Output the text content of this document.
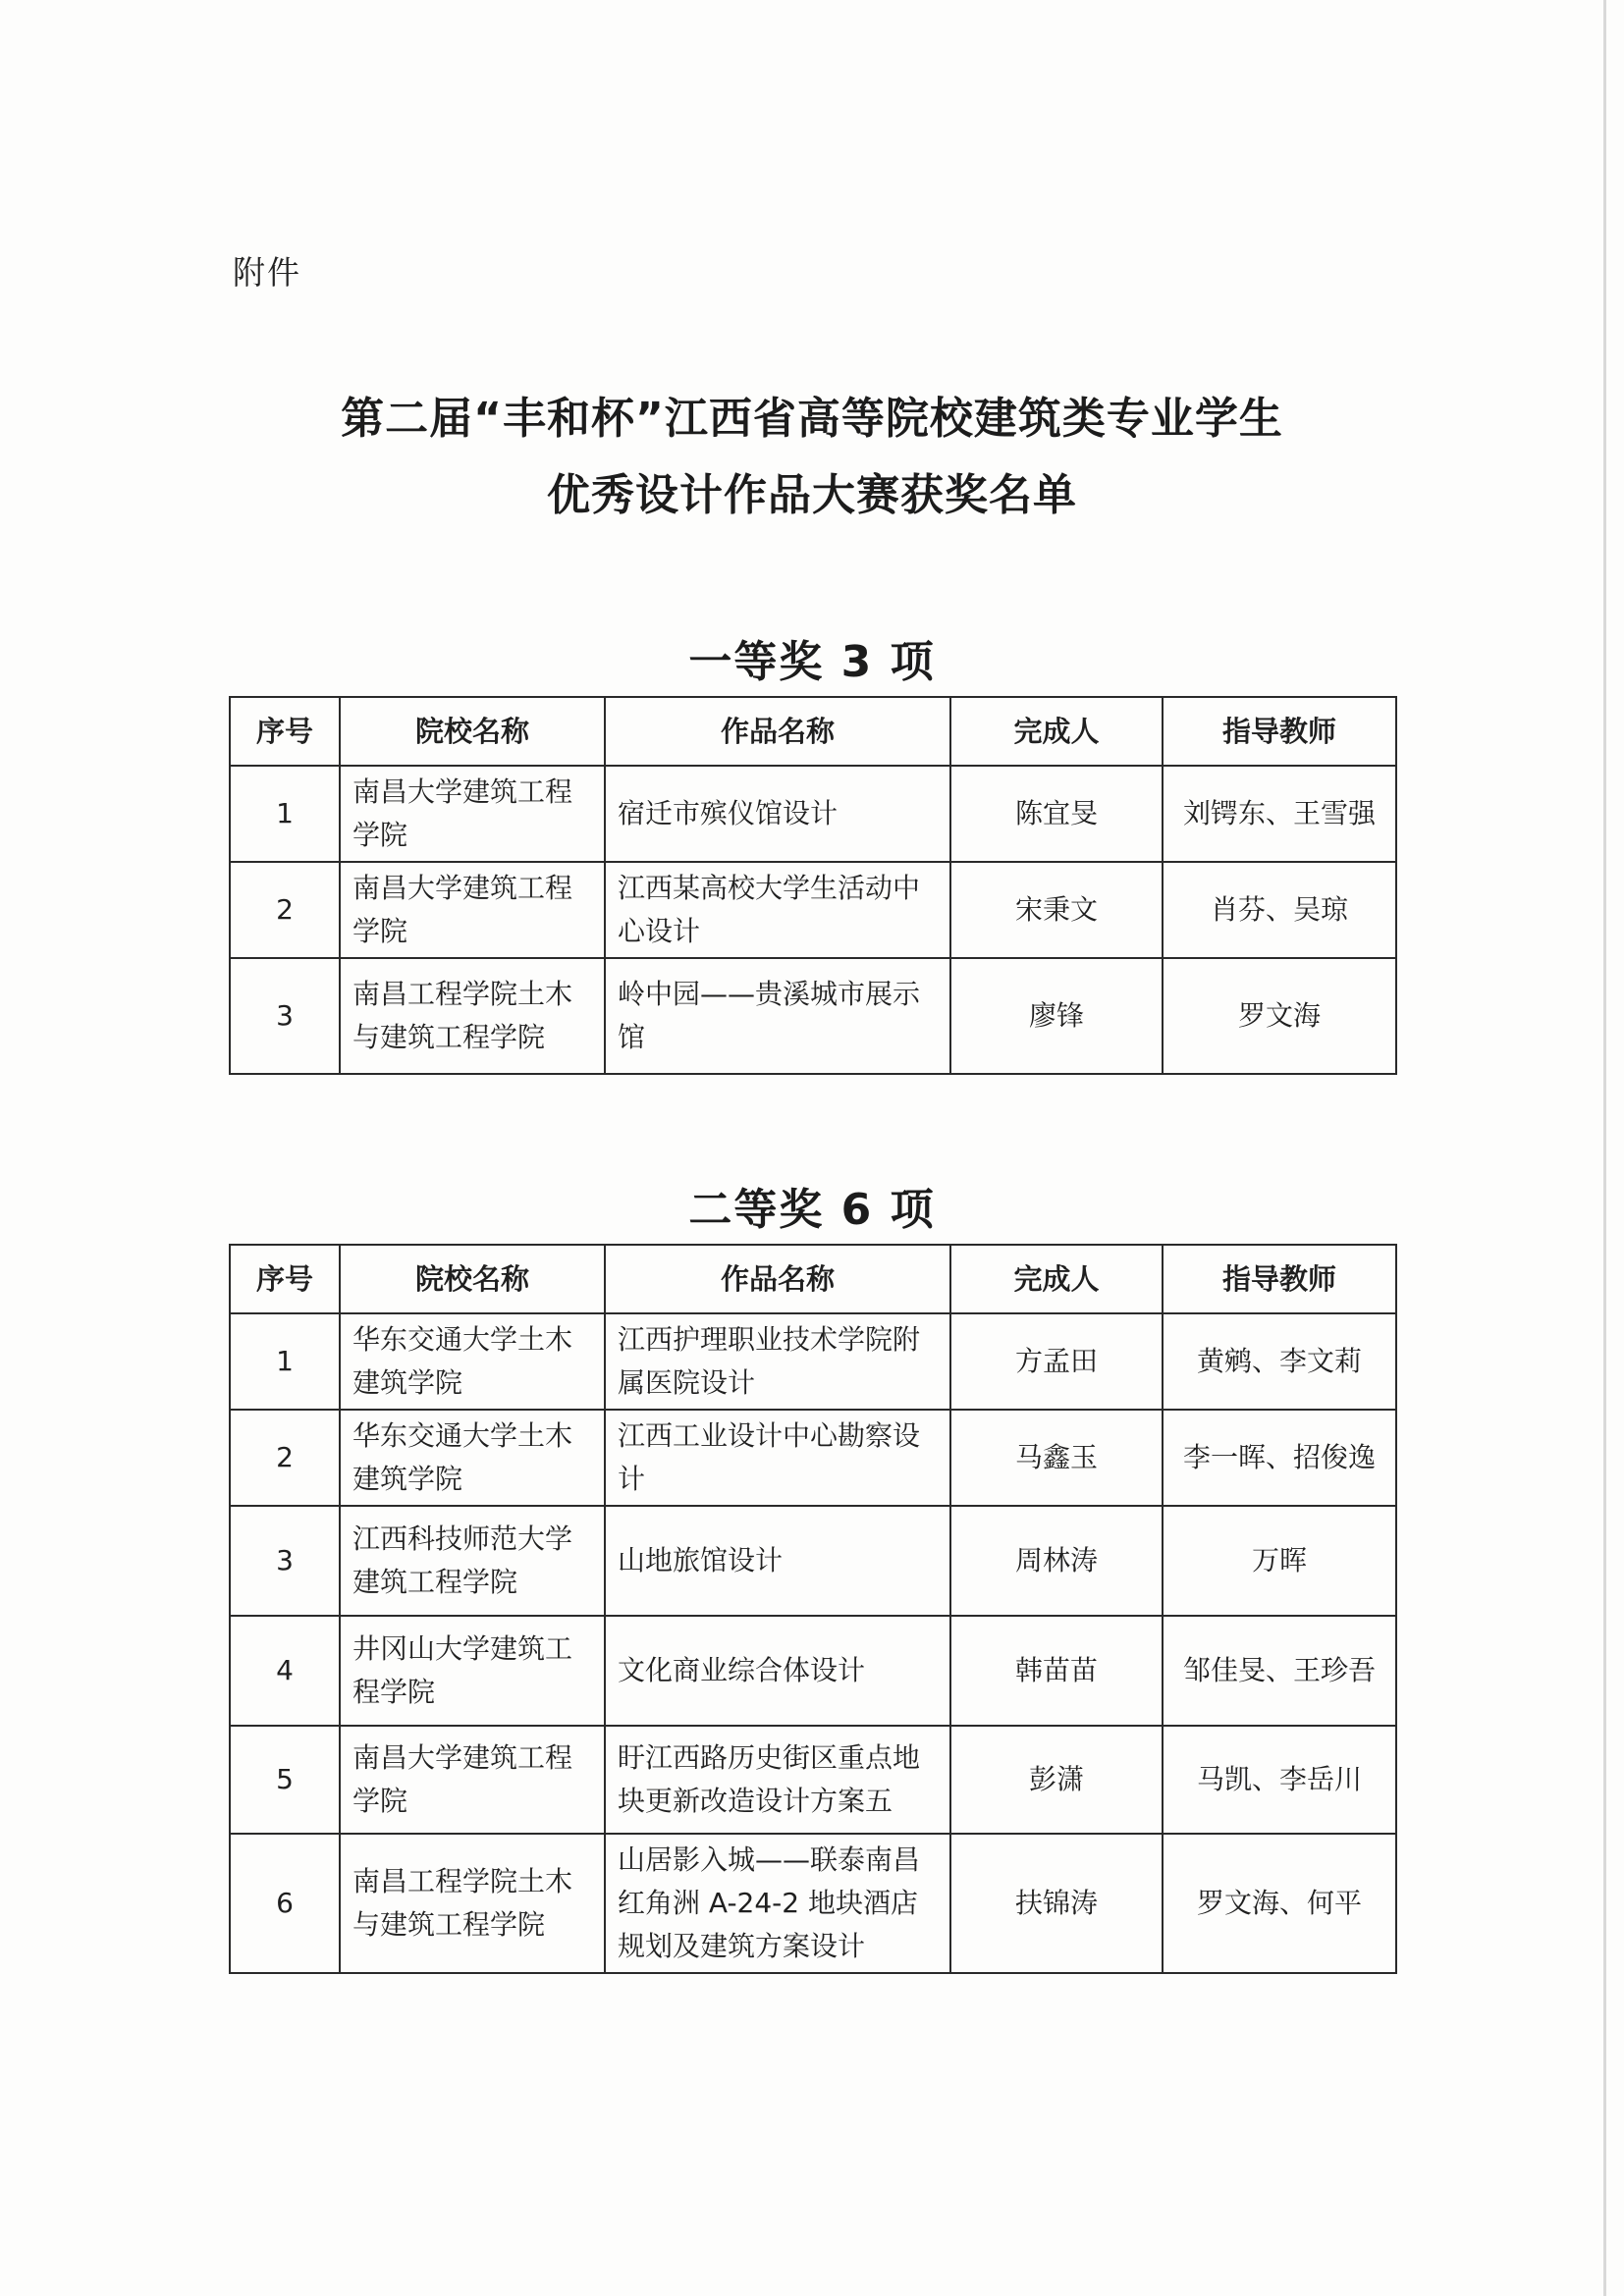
附件
第二届“丰和杯”江西省高等院校建筑类专业学生
优秀设计作品大赛获奖名单
一等奖 3 项
序号	院校名称	作品名称	完成人	指导教师
1	南昌大学建筑工程学院	宿迁市殡仪馆设计	陈宜旻	刘锷东、王雪强
2	南昌大学建筑工程学院	江西某高校大学生活动中心设计	宋秉文	肖芬、吴琼
3	南昌工程学院土木与建筑工程学院	岭中园——贵溪城市展示馆	廖锋	罗文海
二等奖 6 项
序号	院校名称	作品名称	完成人	指导教师
1	华东交通大学土木建筑学院	江西护理职业技术学院附属医院设计	方孟田	黄鹓、李文莉
2	华东交通大学土木建筑学院	江西工业设计中心勘察设计	马鑫玉	李一晖、招俊逸
3	江西科技师范大学建筑工程学院	山地旅馆设计	周林涛	万晖
4	井冈山大学建筑工程学院	文化商业综合体设计	韩苗苗	邹佳旻、王珍吾
5	南昌大学建筑工程学院	盱江西路历史街区重点地块更新改造设计方案五	彭潇	马凯、李岳川
6	南昌工程学院土木与建筑工程学院	山居影入城——联泰南昌红角洲 A-24-2 地块酒店规划及建筑方案设计	扶锦涛	罗文海、何平
